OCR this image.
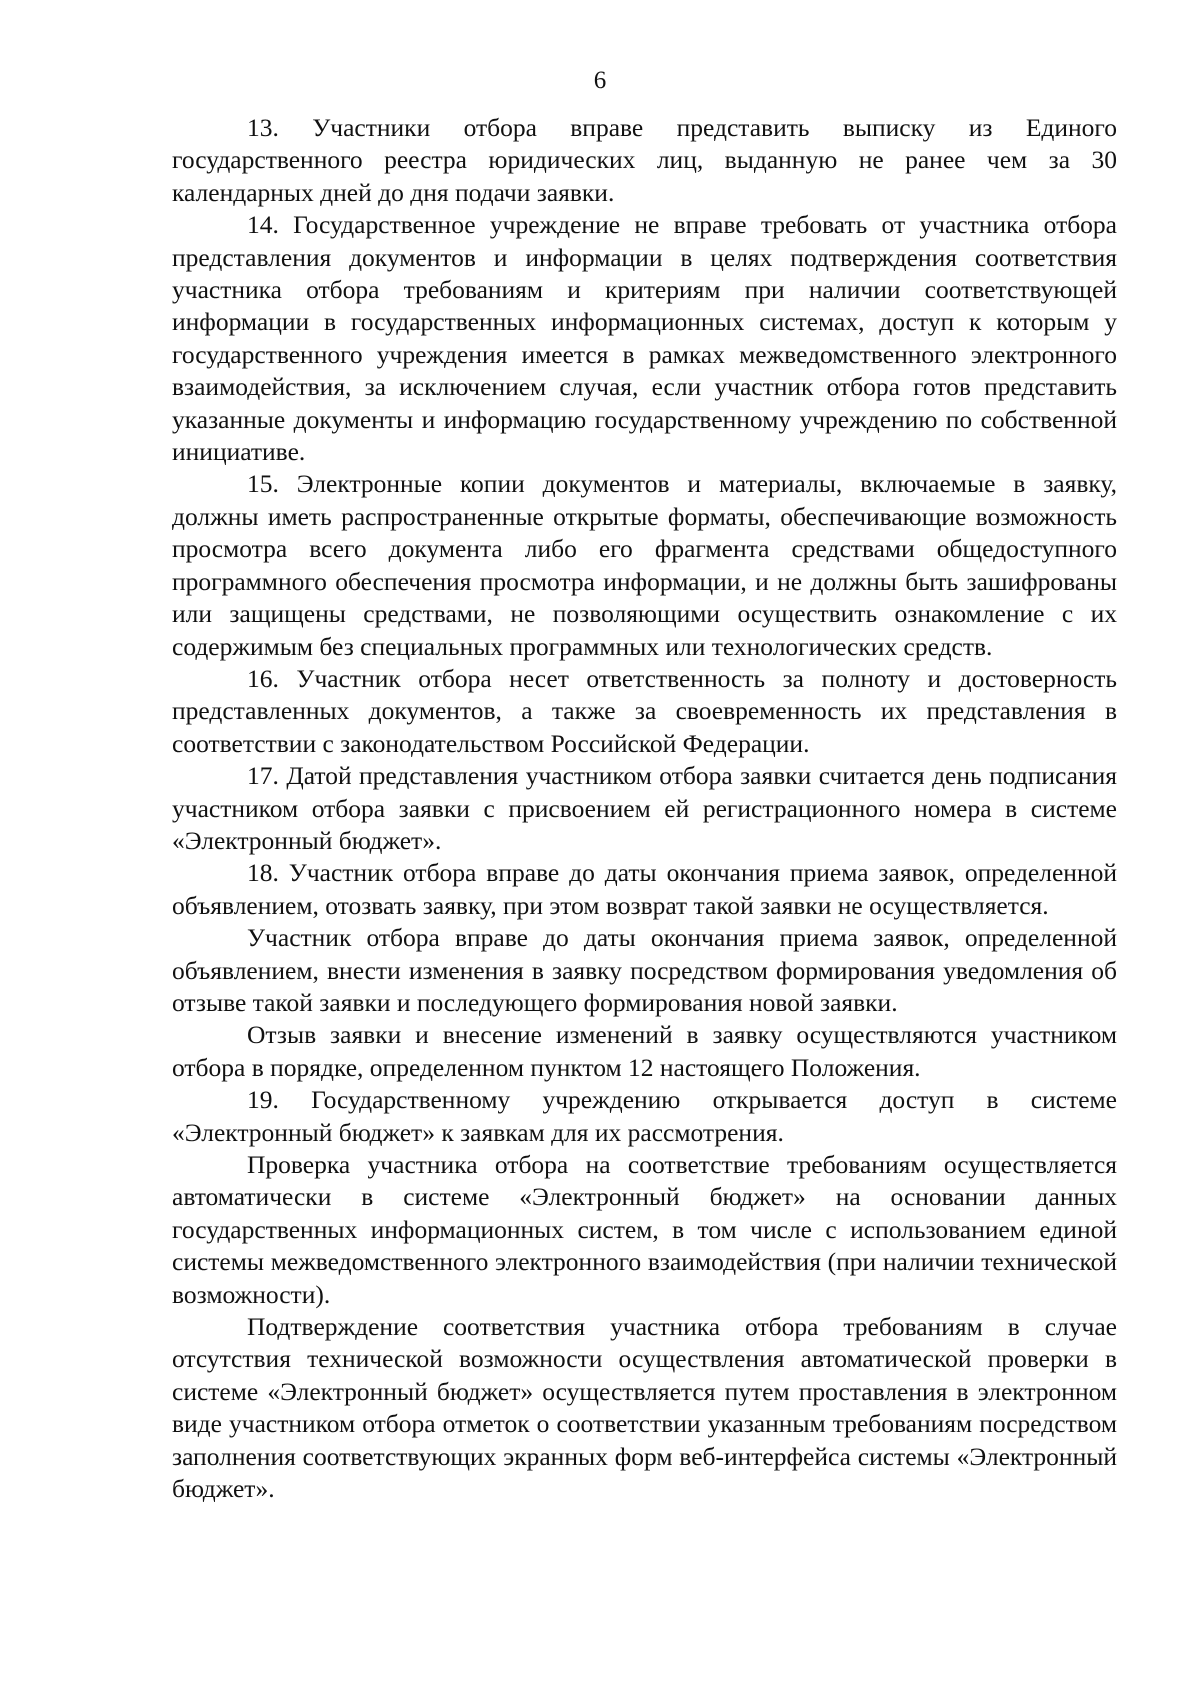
6

13. Участники отбора вправе представить выписку из Единого государственного реестра юридических лиц, выданную не ранее чем за 30 календарных дней до дня подачи заявки.

14. Государственное учреждение не вправе требовать от участника отбора представления документов и информации в целях подтверждения соответствия участника отбора требованиям и критериям при наличии соответствующей информации в государственных информационных системах, доступ к которым у государственного учреждения имеется в рамках межведомственного электронного взаимодействия, за исключением случая, если участник отбора готов представить указанные документы и информацию государственному учреждению по собственной инициативе.

15. Электронные копии документов и материалы, включаемые в заявку, должны иметь распространенные открытые форматы, обеспечивающие возможность просмотра всего документа либо его фрагмента средствами общедоступного программного обеспечения просмотра информации, и не должны быть зашифрованы или защищены средствами, не позволяющими осуществить ознакомление с их содержимым без специальных программных или технологических средств.

16. Участник отбора несет ответственность за полноту и достоверность представленных документов, а также за своевременность их представления в соответствии с законодательством Российской Федерации.

17. Датой представления участником отбора заявки считается день подписания участником отбора заявки с присвоением ей регистрационного номера в системе «Электронный бюджет».

18. Участник отбора вправе до даты окончания приема заявок, определенной объявлением, отозвать заявку, при этом возврат такой заявки не осуществляется.

Участник отбора вправе до даты окончания приема заявок, определенной объявлением, внести изменения в заявку посредством формирования уведомления об отзыве такой заявки и последующего формирования новой заявки.

Отзыв заявки и внесение изменений в заявку осуществляются участником отбора в порядке, определенном пунктом 12 настоящего Положения.

19. Государственному учреждению открывается доступ в системе «Электронный бюджет» к заявкам для их рассмотрения.

Проверка участника отбора на соответствие требованиям осуществляется автоматически в системе «Электронный бюджет» на основании данных государственных информационных систем, в том числе с использованием единой системы межведомственного электронного взаимодействия (при наличии технической возможности).

Подтверждение соответствия участника отбора требованиям в случае отсутствия технической возможности осуществления автоматической проверки в системе «Электронный бюджет» осуществляется путем проставления в электронном виде участником отбора отметок о соответствии указанным требованиям посредством заполнения соответствующих экранных форм веб-интерфейса системы «Электронный бюджет».
